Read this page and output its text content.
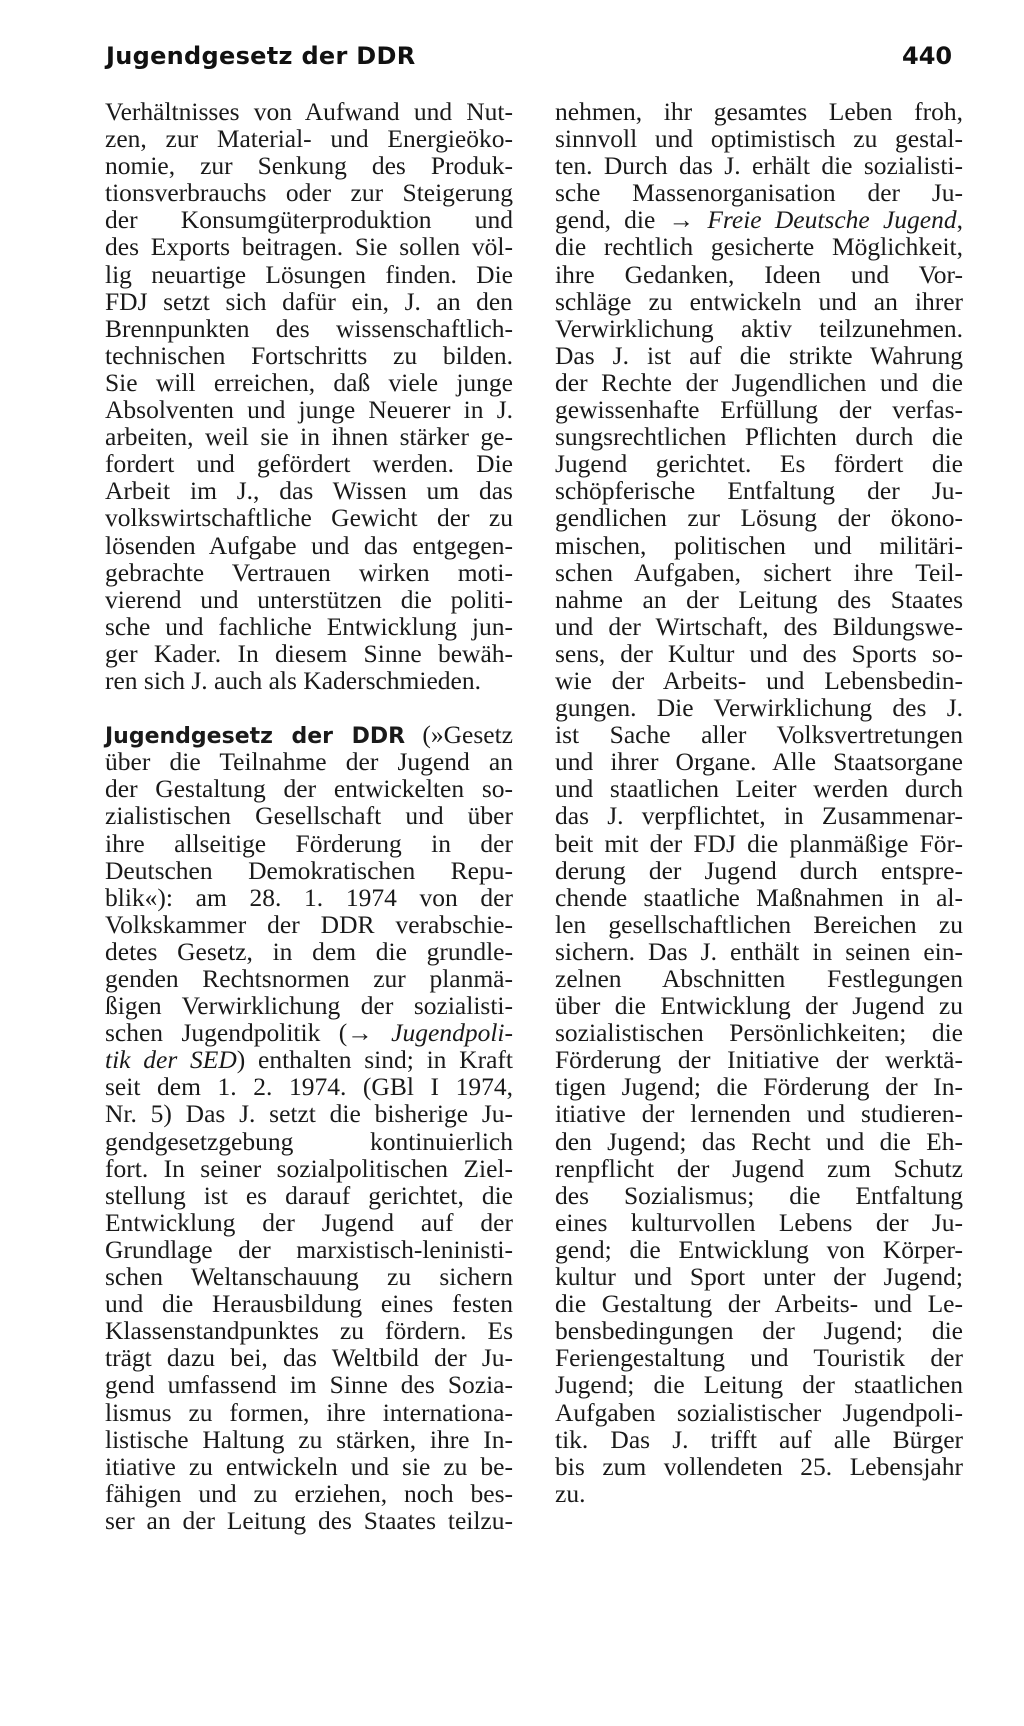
Jugendgesetz der DDR	440
Verhältnisses von Aufwand und Nut-
zen, zur Material- und Energieöko-
nomie, zur Senkung des Produk-
tionsverbrauchs oder zur Steigerung
der Konsumgüterproduktion und
des Exports beitragen. Sie sollen völ-
lig neuartige Lösungen finden. Die
FDJ setzt sich dafür ein, J. an den
Brennpunkten des wissenschaftlich-
technischen Fortschritts zu bilden.
Sie will erreichen, daß viele junge
Absolventen und junge Neuerer in J.
arbeiten, weil sie in ihnen stärker ge-
fordert und gefördert werden. Die
Arbeit im J., das Wissen um das
volkswirtschaftliche Gewicht der zu
lösenden Aufgabe und das entgegen-
gebrachte Vertrauen wirken moti-
vierend und unterstützen die politi-
sche und fachliche Entwicklung jun-
ger Kader. In diesem Sinne bewäh-
ren sich J. auch als Kaderschmieden.
Jugendgesetz der DDR (»Gesetz
über die Teilnahme der Jugend an
der Gestaltung der entwickelten so-
zialistischen Gesellschaft und über
ihre allseitige Förderung in der
Deutschen Demokratischen Repu-
blik«): am 28. 1. 1974 von der
Volkskammer der DDR verabschie-
detes Gesetz, in dem die grundle-
genden Rechtsnormen zur planmä-
ßigen Verwirklichung der sozialisti-
schen Jugendpolitik (→ Jugendpoli-
tik der SED) enthalten sind; in Kraft
seit dem 1. 2. 1974. (GBl I 1974,
Nr. 5) Das J. setzt die bisherige Ju-
gendgesetzgebung kontinuierlich
fort. In seiner sozialpolitischen Ziel-
stellung ist es darauf gerichtet, die
Entwicklung der Jugend auf der
Grundlage der marxistisch-leninisti-
schen Weltanschauung zu sichern
und die Herausbildung eines festen
Klassenstandpunktes zu fördern. Es
trägt dazu bei, das Weltbild der Ju-
gend umfassend im Sinne des Sozia-
lismus zu formen, ihre internationa-
listische Haltung zu stärken, ihre In-
itiative zu entwickeln und sie zu be-
fähigen und zu erziehen, noch bes-
ser an der Leitung des Staates teilzu-
nehmen, ihr gesamtes Leben froh,
sinnvoll und optimistisch zu gestal-
ten. Durch das J. erhält die sozialisti-
sche Massenorganisation der Ju-
gend, die → Freie Deutsche Jugend,
die rechtlich gesicherte Möglichkeit,
ihre Gedanken, Ideen und Vor-
schläge zu entwickeln und an ihrer
Verwirklichung aktiv teilzunehmen.
Das J. ist auf die strikte Wahrung
der Rechte der Jugendlichen und die
gewissenhafte Erfüllung der verfas-
sungsrechtlichen Pflichten durch die
Jugend gerichtet. Es fördert die
schöpferische Entfaltung der Ju-
gendlichen zur Lösung der ökono-
mischen, politischen und militäri-
schen Aufgaben, sichert ihre Teil-
nahme an der Leitung des Staates
und der Wirtschaft, des Bildungswe-
sens, der Kultur und des Sports so-
wie der Arbeits- und Lebensbedin-
gungen. Die Verwirklichung des J.
ist Sache aller Volksvertretungen
und ihrer Organe. Alle Staatsorgane
und staatlichen Leiter werden durch
das J. verpflichtet, in Zusammenar-
beit mit der FDJ die planmäßige För-
derung der Jugend durch entspre-
chende staatliche Maßnahmen in al-
len gesellschaftlichen Bereichen zu
sichern. Das J. enthält in seinen ein-
zelnen Abschnitten Festlegungen
über die Entwicklung der Jugend zu
sozialistischen Persönlichkeiten; die
Förderung der Initiative der werktä-
tigen Jugend; die Förderung der In-
itiative der lernenden und studieren-
den Jugend; das Recht und die Eh-
renpflicht der Jugend zum Schutz
des Sozialismus; die Entfaltung
eines kulturvollen Lebens der Ju-
gend; die Entwicklung von Körper-
kultur und Sport unter der Jugend;
die Gestaltung der Arbeits- und Le-
bensbedingungen der Jugend; die
Feriengestaltung und Touristik der
Jugend; die Leitung der staatlichen
Aufgaben sozialistischer Jugendpoli-
tik. Das J. trifft auf alle Bürger
bis zum vollendeten 25. Lebensjahr
zu.
